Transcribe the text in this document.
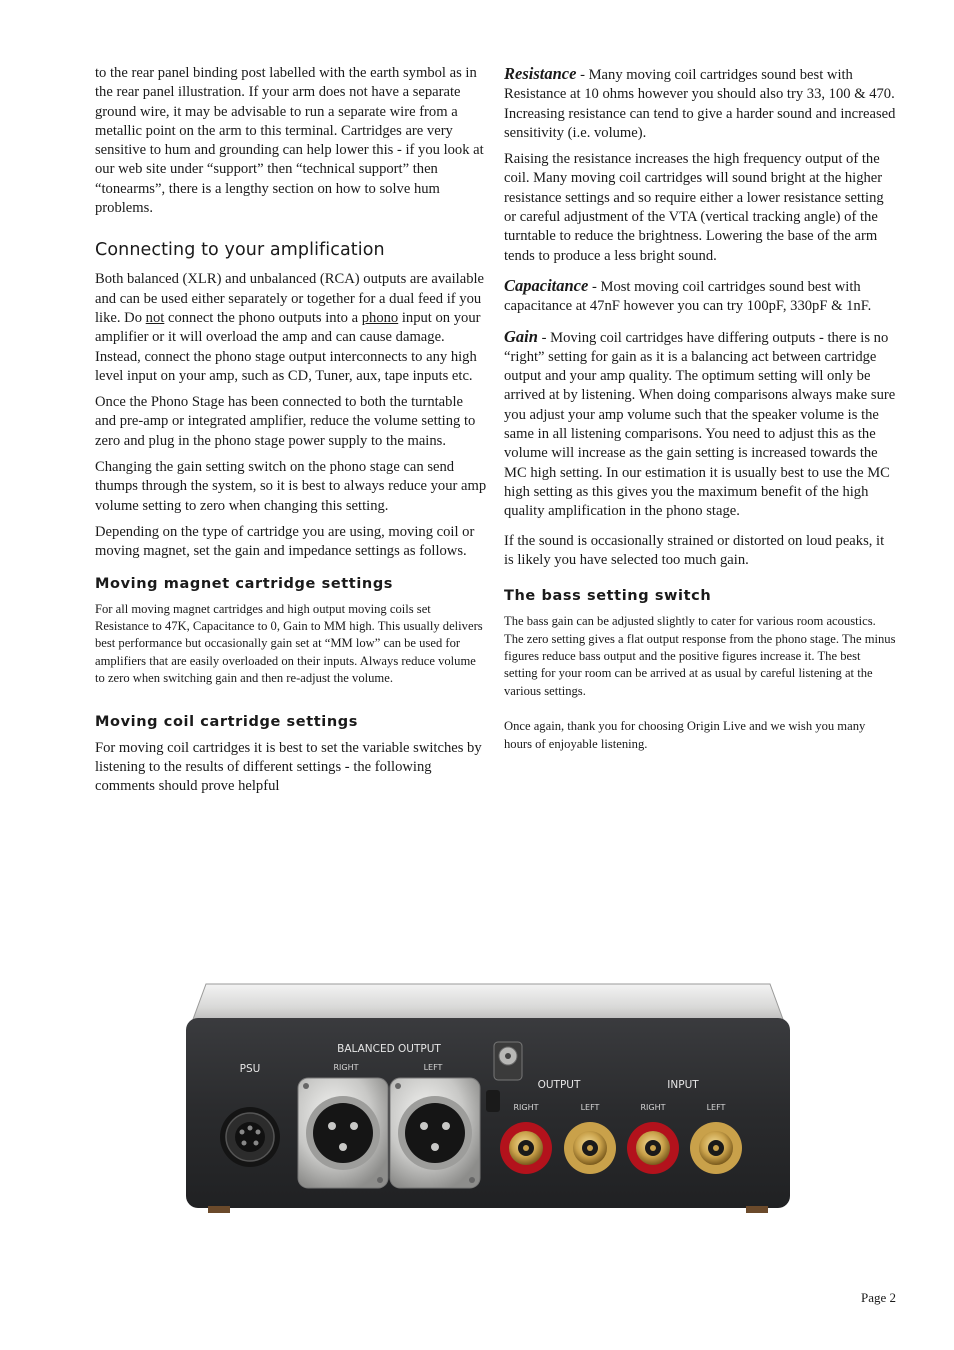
to the rear panel binding post labelled with the earth symbol as in the rear panel illustration. If your arm does not have a separate ground wire, it may be advisable to run a separate wire from a metallic point on the arm to this terminal. Cartridges are very sensitive to hum and grounding can help lower this - if you look at our web site under “support” then “technical support” then “tonearms”, there is a lengthy section on how to solve hum problems.

Connecting to your amplification

Both balanced (XLR) and unbalanced (RCA) outputs are available and can be used either separately or together for a dual feed if you like. Do not connect the phono outputs into a phono input on your amplifier or it will overload the amp and can cause damage. Instead, connect the phono stage output interconnects to any high level input on your amp, such as CD, Tuner, aux, tape inputs etc.

Once the Phono Stage has been connected to both the turntable and pre-amp or integrated amplifier, reduce the volume setting to zero and plug in the phono stage power supply to the mains.

Changing the gain setting switch on the phono stage can send thumps through the system, so it is best to always reduce your amp volume setting to zero when changing this setting.

Depending on the type of cartridge you are using, moving coil or moving magnet, set the gain and impedance settings as follows.

Moving magnet cartridge settings

For all moving magnet cartridges and high output moving coils set Resistance to 47K, Capacitance to 0, Gain to MM high. This usually delivers best performance but occasionally gain set at “MM low” can be used for amplifiers that are easily overloaded on their inputs. Always reduce volume to zero when switching gain and then re-adjust the volume.

Moving coil cartridge settings

For moving coil cartridges it is best to set the variable switches by listening to the results of different settings - the following comments should prove helpful

Resistance - Many moving coil cartridges sound best with Resistance at 10 ohms however you should also try 33, 100 & 470. Increasing resistance can tend to give a harder sound and increased sensitivity (i.e. volume).

Raising the resistance increases the high frequency output of the coil. Many moving coil cartridges will sound bright at the higher resistance settings and so require either a lower resistance setting or careful adjustment of the VTA (vertical tracking angle) of the turntable to reduce the brightness. Lowering the base of the arm tends to produce a less bright sound.

Capacitance - Most moving coil cartridges sound best with capacitance at 47nF however you can try 100pF, 330pF & 1nF.

Gain - Moving coil cartridges have differing outputs - there is no “right” setting for gain as it is a balancing act between cartridge output and your amp quality. The optimum setting will only be arrived at by listening. When doing comparisons always make sure you adjust your amp volume such that the speaker volume is the same in all listening comparisons. You need to adjust this as the volume will increase as the gain setting is increased towards the MC high setting. In our estimation it is usually best to use the MC high setting as this gives you the maximum benefit of the high quality amplification in the phono stage.

If the sound is occasionally strained or distorted on loud peaks, it is likely you have selected too much gain.

The bass setting switch

The bass gain can be adjusted slightly to cater for various room acoustics. The zero setting gives a flat output response from the phono stage. The minus figures reduce bass output and the positive figures increase it. The best setting for your room can be arrived at as usual by careful listening at the various settings.

Once again, thank you for choosing Origin Live and we wish you many hours of enjoyable listening.

PSU
BALANCED OUTPUT
RIGHT	LEFT
OUTPUT	INPUT
RIGHT	LEFT	RIGHT	LEFT
Page 2
